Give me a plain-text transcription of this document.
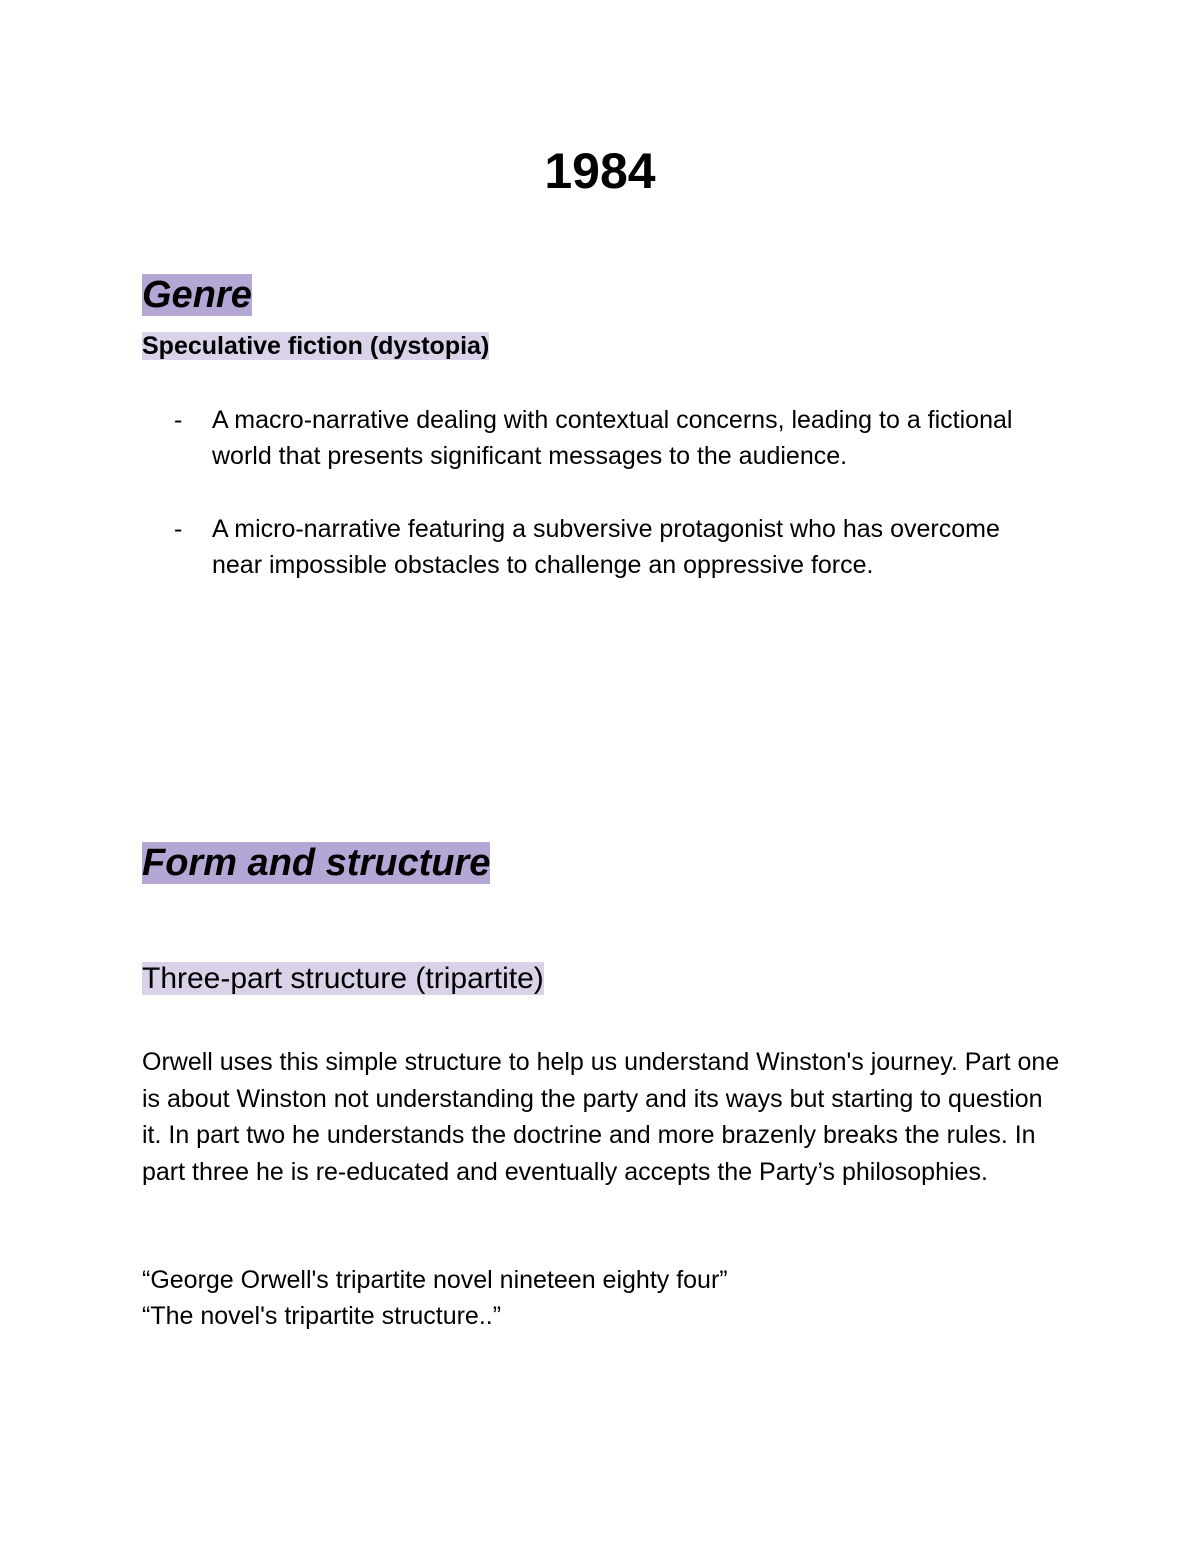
1984
Genre
Speculative fiction (dystopia)
- A macro-narrative dealing with contextual concerns, leading to a fictional world that presents significant messages to the audience.
- A micro-narrative featuring a subversive protagonist who has overcome near impossible obstacles to challenge an oppressive force.
Form and structure
Three-part structure (tripartite)
Orwell uses this simple structure to help us understand Winston's journey. Part one is about Winston not understanding the party and its ways but starting to question it. In part two he understands the doctrine and more brazenly breaks the rules. In part three he is re-educated and eventually accepts the Party’s philosophies.
“George Orwell's tripartite novel nineteen eighty four”
“The novel's tripartite structure..”
